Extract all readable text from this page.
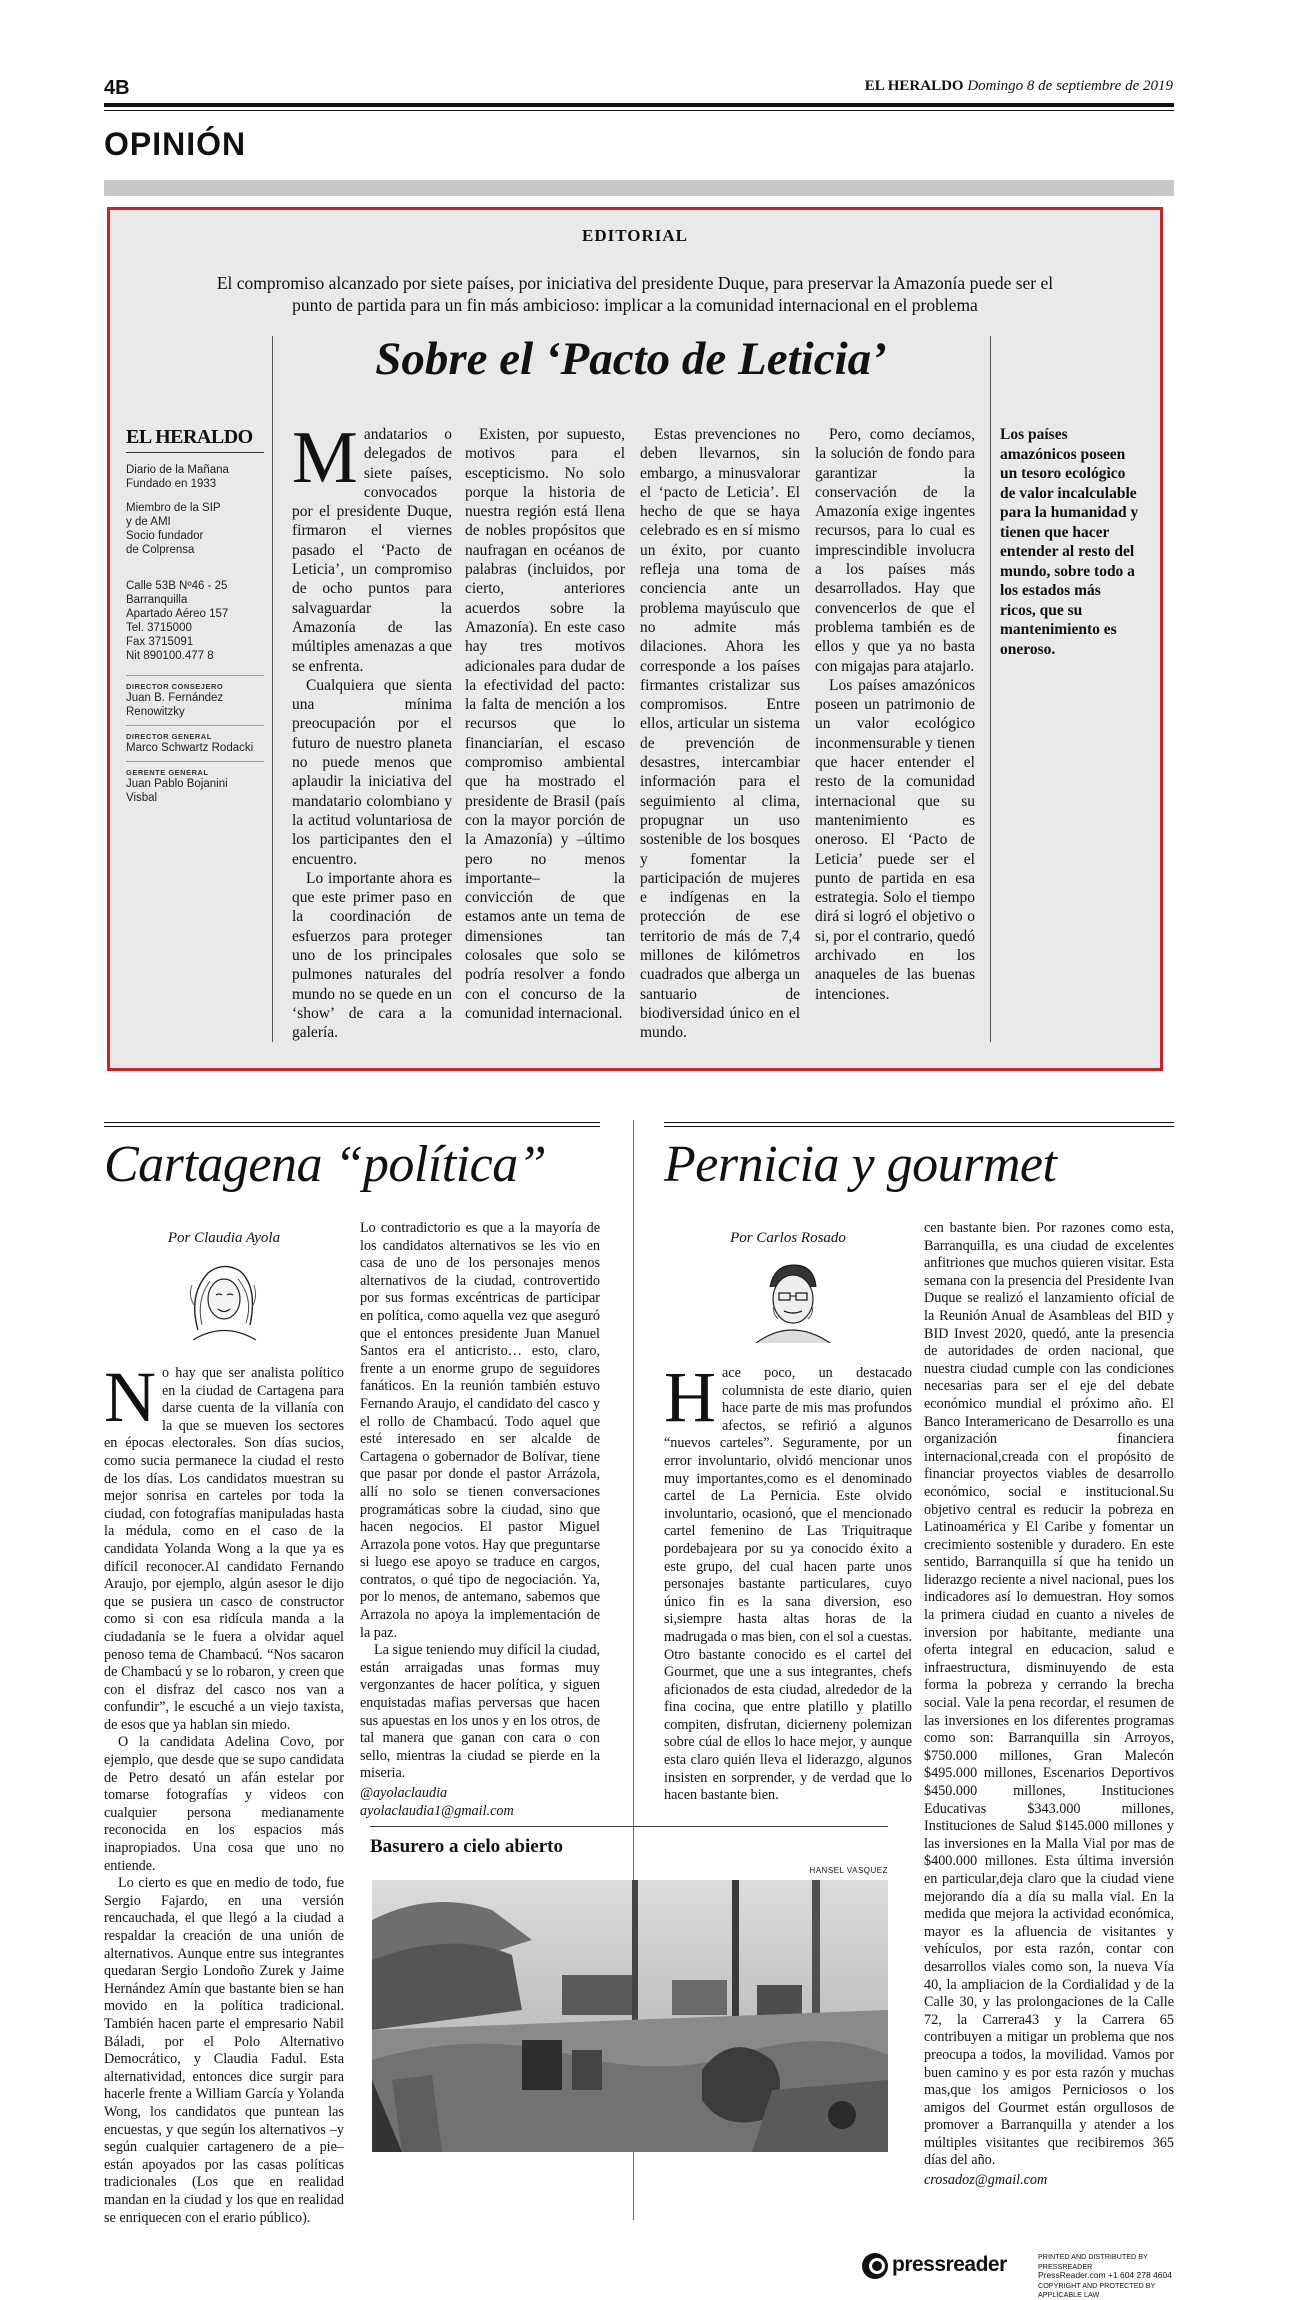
4B	EL HERALDO Domingo 8 de septiembre de 2019
OPINIÓN
EDITORIAL
El compromiso alcanzado por siete países, por iniciativa del presidente Duque, para preservar la Amazonía puede ser el punto de partida para un fin más ambicioso: implicar a la comunidad internacional en el problema
Sobre el ‘Pacto de Leticia’
EL HERALDO
Diario de la Mañana
Fundado en 1933
Miembro de la SIP
y de AMI
Socio fundador
de Colprensa
Calle 53B Nº46 - 25
Barranquilla
Apartado Aéreo 157
Tel. 3715000
Fax 3715091
Nit 890100.477 8
DIRECTOR CONSEJERO
Juan B. Fernández
Renowitzky
DIRECTOR GENERAL
Marco Schwartz Rodacki
GERENTE GENERAL
Juan Pablo Bojanini
Visbal

Mandatarios o delegados de siete países, convocados por el presidente Duque, firmaron el viernes pasado el ‘Pacto de Leticia’, un compromiso de ocho puntos para salvaguardar la Amazonía de las múltiples amenazas a que se enfrenta.

Cualquiera que sienta una mínima preocupación por el futuro de nuestro planeta no puede menos que aplaudir la iniciativa del mandatario colombiano y la actitud voluntariosa de los participantes den el encuentro.

Lo importante ahora es que este primer paso en la coordinación de esfuerzos para proteger uno de los principales pulmones naturales del mundo no se quede en un ‘show’ de cara a la galería.

Existen, por supuesto, motivos para el escepticismo. No solo porque la historia de nuestra región está llena de nobles propósitos que naufragan en océanos de palabras (incluidos, por cierto, anteriores acuerdos sobre la Amazonía). En este caso hay tres motivos adicionales para dudar de la efectividad del pacto: la falta de mención a los recursos que lo financiarían, el escaso compromiso ambiental que ha mostrado el presidente de Brasil (país con la mayor porción de la Amazonía) y –último pero no menos importante– la convicción de que estamos ante un tema de dimensiones tan colosales que solo se podría resolver a fondo con el concurso de la comunidad internacional.

Estas prevenciones no deben llevarnos, sin embargo, a minusvalorar el ‘pacto de Leticia’. El hecho de que se haya celebrado es en sí mismo un éxito, por cuanto refleja una toma de conciencia ante un problema mayúsculo que no admite más dilaciones. Ahora les corresponde a los países firmantes cristalizar sus compromisos. Entre ellos, articular un sistema de prevención de desastres, intercambiar información para el seguimiento al clima, propugnar un uso sostenible de los bosques y fomentar la participación de mujeres e indígenas en la protección de ese territorio de más de 7,4 millones de kilómetros cuadrados que alberga un santuario de biodiversidad único en el mundo.

Pero, como decíamos, la solución de fondo para garantizar la conservación de la Amazonía exige ingentes recursos, para lo cual es imprescindible involucra a los países más desarrollados. Hay que convencerlos de que el problema también es de ellos y que ya no basta con migajas para atajarlo.

Los países amazónicos poseen un patrimonio de un valor ecológico inconmensurable y tienen que hacer entender el resto de la comunidad internacional que su mantenimiento es oneroso. El ‘Pacto de Leticia’ puede ser el punto de partida en esa estrategia. Solo el tiempo dirá si logró el objetivo o si, por el contrario, quedó archivado en los anaqueles de las buenas intenciones.

Los países amazónicos poseen un tesoro ecológico de valor incalculable para la humanidad y tienen que hacer entender al resto del mundo, sobre todo a los estados más ricos, que su mantenimiento es oneroso.
Cartagena “política”
Por Claudia Ayola

No hay que ser analista político en la ciudad de Cartagena para darse cuenta de la villanía con la que se mueven los sectores en épocas electorales. Son días sucios, como sucia permanece la ciudad el resto de los días. Los candidatos muestran su mejor sonrisa en carteles por toda la ciudad, con fotografías manipuladas hasta la médula, como en el caso de la candidata Yolanda Wong a la que ya es difícil reconocer.Al candidato Fernando Araujo, por ejemplo, algún asesor le dijo que se pusiera un casco de constructor como si con esa ridícula manda a la ciudadanía se le fuera a olvidar aquel penoso tema de Chambacú. “Nos sacaron de Chambacú y se lo robaron, y creen que con el disfraz del casco nos van a confundir”, le escuché a un viejo taxista, de esos que ya hablan sin miedo.

O la candidata Adelina Covo, por ejemplo, que desde que se supo candidata de Petro desató un afán estelar por tomarse fotografías y videos con cualquier persona medianamente reconocida en los espacios más inapropiados. Una cosa que uno no entiende.

Lo cierto es que en medio de todo, fue Sergio Fajardo, en una versión rencauchada, el que llegó a la ciudad a respaldar la creación de una unión de alternativos. Aunque entre sus integrantes quedaran Sergio Londoño Zurek y Jaime Hernández Amín que bastante bien se han movido en la política tradicional. También hacen parte el empresario Nabil Báladi, por el Polo Alternativo Democrático, y Claudia Fadul. Esta alternatividad, entonces dice surgir para hacerle frente a William García y Yolanda Wong, los candidatos que puntean las encuestas, y que según los alternativos –y según cualquier cartagenero de a pie– están apoyados por las casas políticas tradicionales (Los que en realidad mandan en la ciudad y los que en realidad se enriquecen con el erario público).

Lo contradictorio es que a la mayoría de los candidatos alternativos se les vio en casa de uno de los personajes menos alternativos de la ciudad, controvertido por sus formas excéntricas de participar en política, como aquella vez que aseguró que el entonces presidente Juan Manuel Santos era el anticristo… esto, claro, frente a un enorme grupo de seguidores fanáticos. En la reunión también estuvo Fernando Araujo, el candidato del casco y el rollo de Chambacú. Todo aquel que esté interesado en ser alcalde de Cartagena o gobernador de Bolívar, tiene que pasar por donde el pastor Arrázola, allí no solo se tienen conversaciones programáticas sobre la ciudad, sino que hacen negocios. El pastor Miguel Arrazola pone votos. Hay que preguntarse si luego ese apoyo se traduce en cargos, contratos, o qué tipo de negociación. Ya, por lo menos, de antemano, sabemos que Arrazola no apoya la implementación de la paz.

La sigue teniendo muy difícil la ciudad, están arraigadas unas formas muy vergonzantes de hacer política, y siguen enquistadas mafias perversas que hacen sus apuestas en los unos y en los otros, de tal manera que ganan con cara o con sello, mientras la ciudad se pierde en la miseria.

@ayolaclaudia
ayolaclaudia1@gmail.com
Basurero a cielo abierto
HANSEL VASQUEZ
Pernicia y gourmet
Por Carlos Rosado

Hace poco, un destacado columnista de este diario, quien hace parte de mis mas profundos afectos, se refirió a algunos “nuevos carteles”. Seguramente, por un error involuntario, olvidó mencionar unos muy importantes,como es el denominado cartel de La Pernicia. Este olvido involuntario, ocasionó, que el mencionado cartel femenino de Las Triquitraque pordebajeara por su ya conocido éxito a este grupo, del cual hacen parte unos personajes bastante particulares, cuyo único fin es la sana diversion, eso si,siempre hasta altas horas de la madrugada o mas bien, con el sol a cuestas. Otro bastante conocido es el cartel del Gourmet, que une a sus integrantes, chefs aficionados de esta ciudad, alrededor de la fina cocina, que entre platillo y platillo compiten, disfrutan, dicierneny polemizan sobre cúal de ellos lo hace mejor, y aunque esta claro quién lleva el liderazgo, algunos insisten en sorprender, y de verdad que lo hacen bastante bien.

cen bastante bien. Por razones como esta, Barranquilla, es una ciudad de excelentes anfitriones que muchos quieren visitar. Esta semana con la presencia del Presidente Ivan Duque se realizó el lanzamiento oficial de la Reunión Anual de Asambleas del BID y BID Invest 2020, quedó, ante la presencia de autoridades de orden nacional, que nuestra ciudad cumple con las condiciones necesarias para ser el eje del debate económico mundial el próximo año. El Banco Interamericano de Desarrollo es una organización financiera internacional,creada con el propósito de financiar proyectos viables de desarrollo económico, social e institucional.Su objetivo central es reducir la pobreza en Latinoamérica y El Caribe y fomentar un crecimiento sostenible y duradero. En este sentido, Barranquilla sí que ha tenido un liderazgo reciente a nivel nacional, pues los indicadores así lo demuestran. Hoy somos la primera ciudad en cuanto a niveles de inversion por habitante, mediante una oferta integral en educacion, salud e infraestructura, disminuyendo de esta forma la pobreza y cerrando la brecha social. Vale la pena recordar, el resumen de las inversiones en los diferentes programas como son: Barranquilla sin Arroyos, $750.000 millones, Gran Malecón $495.000 millones, Escenarios Deportivos $450.000 millones, Instituciones Educativas $343.000 millones, Instituciones de Salud $145.000 millones y las inversiones en la Malla Vial por mas de $400.000 millones. Esta última inversión en particular,deja claro que la ciudad viene mejorando día a día su malla vial. En la medida que mejora la actividad económica, mayor es la afluencia de visitantes y vehículos, por esta razón, contar con desarrollos viales como son, la nueva Vía 40, la ampliacion de la Cordialidad y de la Calle 30, y las prolongaciones de la Calle 72, la Carrera43 y la Carrera 65 contribuyen a mitigar un problema que nos preocupa a todos, la movilidad. Vamos por buen camino y es por esta razón y muchas mas,que los amigos Perniciosos o los amigos del Gourmet están orgullosos de promover a Barranquilla y atender a los múltiples visitantes que recibiremos 365 días del año.

crosadoz@gmail.com
pressreader	PRINTED AND DISTRIBUTED BY PRESSREADER
PressReader.com +1 604 278 4604
COPYRIGHT AND PROTECTED BY APPLICABLE LAW
